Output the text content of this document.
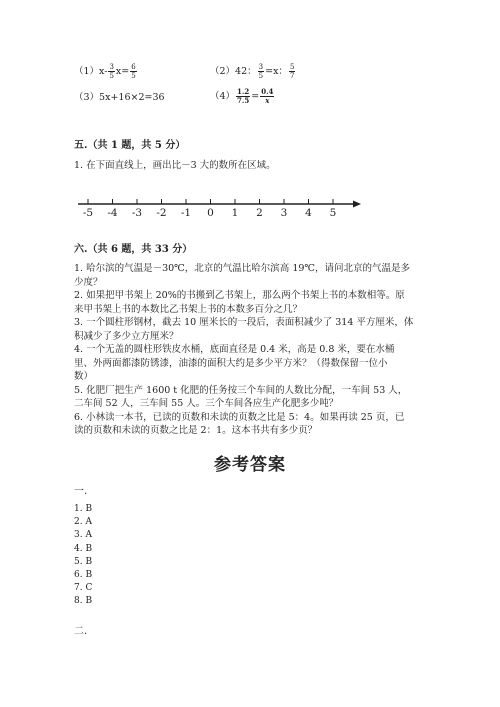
$(1)x- \frac{3}{5} x= \frac{6}{5}$	（2）42： $\frac{3}{5} =x$： $\frac{5}{7}$
（3）5x+16×2=36	$(4) \frac{1.2}{7.5} = \frac{0.4}{x}$
五.（共 1 题，共 5 分）
1. 在下面直线上，画出比－3 大的数所在区域。
-5 -4 -3 -2 -1 0 1 2 3 4 5
六.（共 6 题，共 33 分）
1. 哈尔滨的气温是－30℃，北京的气温比哈尔滨高 19℃，请问北京的气温是多
少度？
2. 如果把甲书架上 20%的书搬到乙书架上，那么两个书架上书的本数相等。原
来甲书架上书的本数比乙书架上书的本数多百分之几？
3. 一个圆柱形钢材，截去 10 厘米长的一段后，表面积减少了 314 平方厘米，体
积减少了多少立方厘米？
4. 一个无盖的圆柱形铁皮水桶，底面直径是 0.4 米，高是 0.8 米，要在水桶
里、外两面都漆防锈漆，油漆的面积大约是多少平方米？（得数保留一位小
数）
5. 化肥厂把生产 1600 t 化肥的任务按三个车间的人数比分配，一车间 53 人，
二车间 52 人，三车间 55 人。三个车间各应生产化肥多少吨？
6. 小林读一本书，已读的页数和未读的页数之比是 5：4。如果再读 25 页，已
读的页数和未读的页数之比是 2：1。这本书共有多少页？
参考答案
一.
1. B
2. A
3. A
4. B
5. B
6. B
7. C
8. B
二.
